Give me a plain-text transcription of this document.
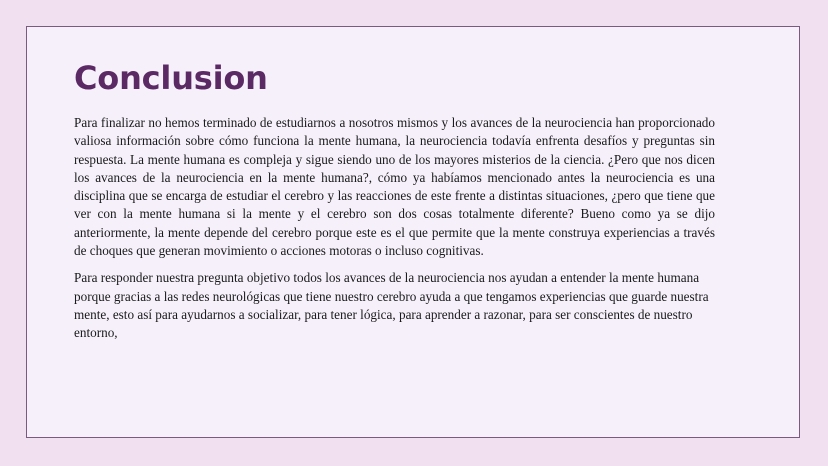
Conclusion

Para finalizar no hemos terminado de estudiarnos a nosotros mismos y los avances de la neurociencia han proporcionado valiosa información sobre cómo funciona la mente humana, la neurociencia todavía enfrenta desafíos y preguntas sin respuesta. La mente humana es compleja y sigue siendo uno de los mayores misterios de la ciencia. ¿Pero que nos dicen los avances de la neurociencia en la mente humana?, cómo ya habíamos mencionado antes la neurociencia es una disciplina que se encarga de estudiar el cerebro y las reacciones de este frente a distintas situaciones, ¿pero que tiene que ver con la mente humana si la mente y el cerebro son dos cosas totalmente diferente? Bueno como ya se dijo anteriormente, la mente depende del cerebro porque este es el que permite que la mente construya experiencias a través de choques que generan movimiento o acciones motoras o incluso cognitivas.

Para responder nuestra pregunta objetivo todos los avances de la neurociencia nos ayudan a entender la mente humana porque gracias a las redes neurológicas que tiene nuestro cerebro ayuda a que tengamos experiencias que guarde nuestra mente, esto así para ayudarnos a socializar, para tener lógica, para aprender a razonar, para ser conscientes de nuestro entorno,
